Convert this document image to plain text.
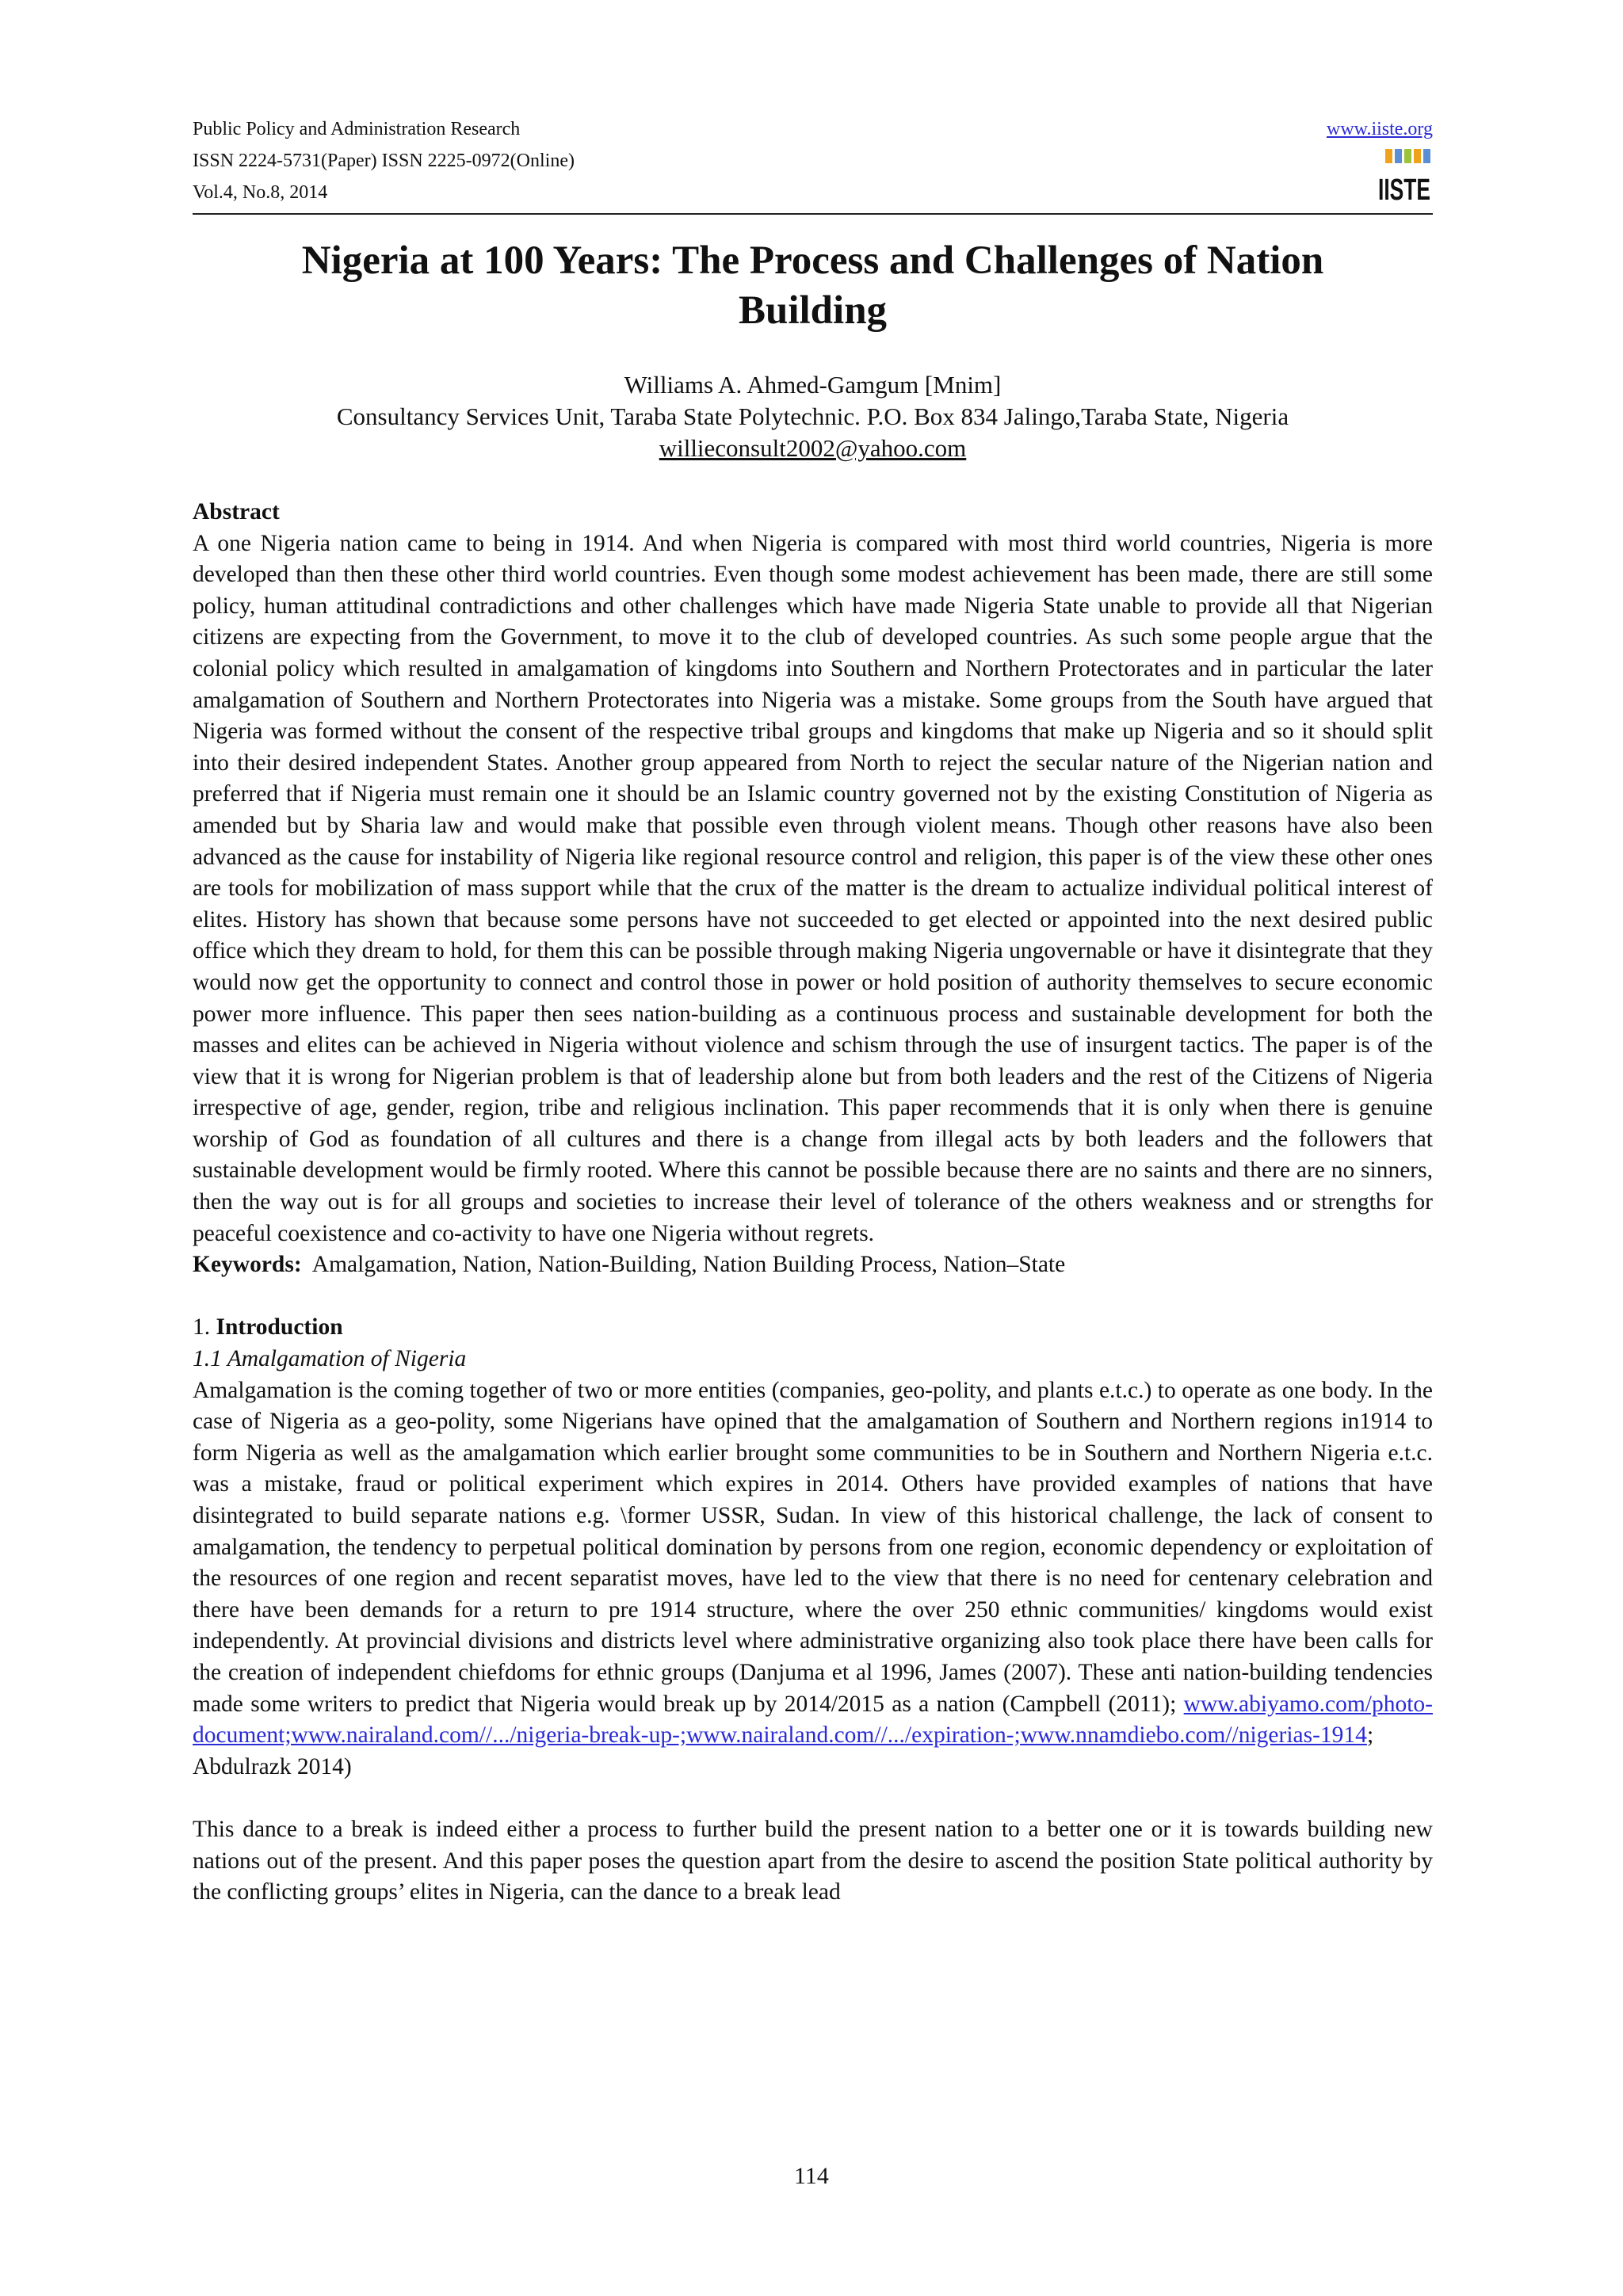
Public Policy and Administration Research
ISSN 2224-5731(Paper) ISSN 2225-0972(Online)
Vol.4, No.8, 2014
www.iiste.org
IISTE
Nigeria at 100 Years: The Process and Challenges of Nation
Building
Williams A. Ahmed-Gamgum [Mnim]
Consultancy Services Unit, Taraba State Polytechnic. P.O. Box 834 Jalingo,Taraba State, Nigeria
willieconsult2002@yahoo.com
Abstract

A one Nigeria nation came to being in 1914. And when Nigeria is compared with most third world countries, Nigeria is more developed than then these other third world countries. Even though some modest achievement has been made, there are still some policy, human attitudinal contradictions and other challenges which have made Nigeria State unable to provide all that Nigerian citizens are expecting from the Government, to move it to the club of developed countries. As such some people argue that the colonial policy which resulted in amalgamation of kingdoms into Southern and Northern Protectorates and in particular the later amalgamation of Southern and Northern Protectorates into Nigeria was a mistake. Some groups from the South have argued that Nigeria was formed without the consent of the respective tribal groups and kingdoms that make up Nigeria and so it should split into their desired independent States. Another group appeared from North to reject the secular nature of the Nigerian nation and preferred that if Nigeria must remain one it should be an Islamic country governed not by the existing Constitution of Nigeria as amended but by Sharia law and would make that possible even through violent means. Though other reasons have also been advanced as the cause for instability of Nigeria like regional resource control and religion, this paper is of the view these other ones are tools for mobilization of mass support while that the crux of the matter is the dream to actualize individual political interest of elites. History has shown that because some persons have not succeeded to get elected or appointed into the next desired public office which they dream to hold, for them this can be possible through making Nigeria ungovernable or have it disintegrate that they would now get the opportunity to connect and control those in power or hold position of authority themselves to secure economic power more influence. This paper then sees nation-building as a continuous process and sustainable development for both the masses and elites can be achieved in Nigeria without violence and schism through the use of insurgent tactics. The paper is of the view that it is wrong for Nigerian problem is that of leadership alone but from both leaders and the rest of the Citizens of Nigeria irrespective of age, gender, region, tribe and religious inclination. This paper recommends that it is only when there is genuine worship of God as foundation of all cultures and there is a change from illegal acts by both leaders and the followers that sustainable development would be firmly rooted. Where this cannot be possible because there are no saints and there are no sinners, then the way out is for all groups and societies to increase their level of tolerance of the others weakness and or strengths for peaceful coexistence and co-activity to have one Nigeria without regrets.

Keywords: Amalgamation, Nation, Nation-Building, Nation Building Process, Nation–State

1. Introduction
1.1 Amalgamation of Nigeria

Amalgamation is the coming together of two or more entities (companies, geo-polity, and plants e.t.c.) to operate as one body. In the case of Nigeria as a geo-polity, some Nigerians have opined that the amalgamation of Southern and Northern regions in1914 to form Nigeria as well as the amalgamation which earlier brought some communities to be in Southern and Northern Nigeria e.t.c. was a mistake, fraud or political experiment which expires in 2014. Others have provided examples of nations that have disintegrated to build separate nations e.g. \former USSR, Sudan. In view of this historical challenge, the lack of consent to amalgamation, the tendency to perpetual political domination by persons from one region, economic dependency or exploitation of the resources of one region and recent separatist moves, have led to the view that there is no need for centenary celebration and there have been demands for a return to pre 1914 structure, where the over 250 ethnic communities/ kingdoms would exist independently. At provincial divisions and districts level where administrative organizing also took place there have been calls for the creation of independent chiefdoms for ethnic groups (Danjuma et al 1996, James (2007). These anti nation-building tendencies made some writers to predict that Nigeria would break up by 2014/2015 as a nation (Campbell (2011); www.abiyamo.com/photo-document;www.nairaland.com//.../nigeria-break-up-;www.nairaland.com//.../expiration-;www.nnamdiebo.com//nigerias-1914; Abdulrazk 2014)

This dance to a break is indeed either a process to further build the present nation to a better one or it is towards building new nations out of the present. And this paper poses the question apart from the desire to ascend the position State political authority by the conflicting groups’ elites in Nigeria, can the dance to a break lead

114
